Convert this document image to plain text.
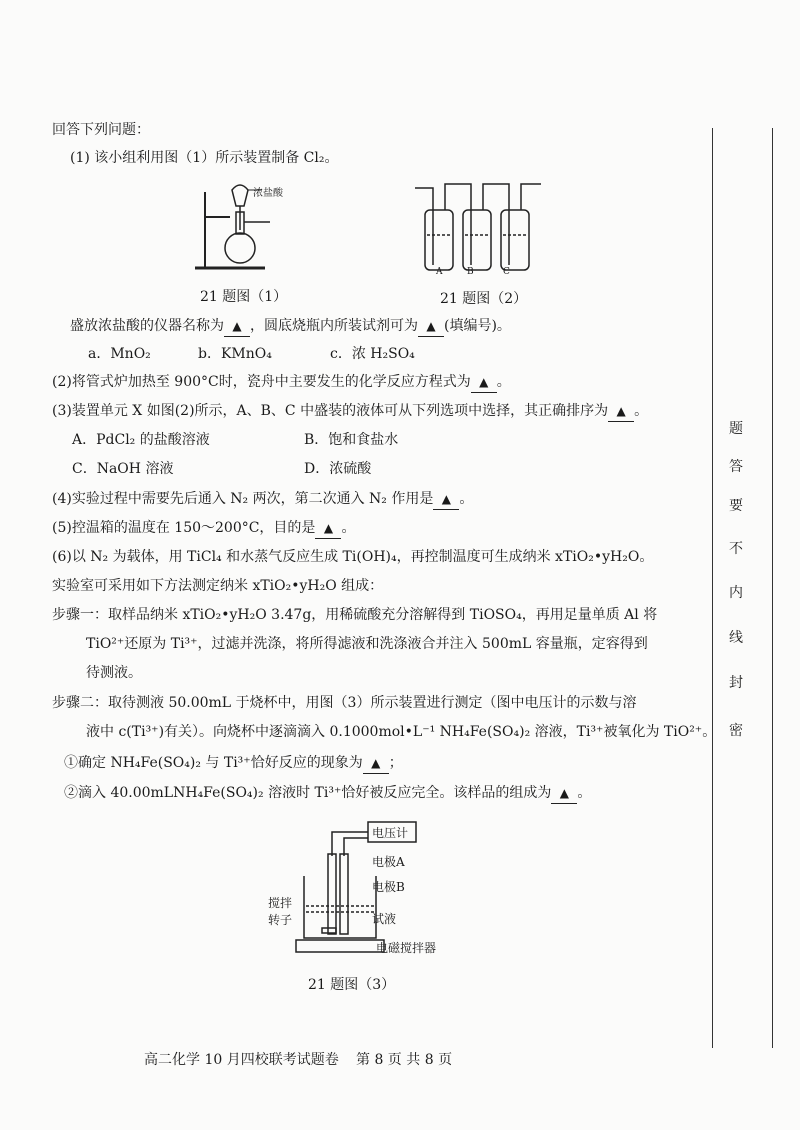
回答下列问题：
(1) 该小组利用图（1）所示装置制备 Cl₂。
浓盐酸
21 题图（1）
A	B	C
21 题图（2）
盛放浓盐酸的仪器名称为 ▲ ，圆底烧瓶内所装试剂可为 ▲ (填编号)。
a．MnO₂	b．KMnO₄	c．浓 H₂SO₄
(2)将管式炉加热至 900°C时，瓷舟中主要发生的化学反应方程式为 ▲ 。
(3)装置单元 X 如图(2)所示，A、B、C 中盛装的液体可从下列选项中选择，其正确排序为 ▲ 。
A．PdCl₂ 的盐酸溶液	B．饱和食盐水
C．NaOH 溶液	D．浓硫酸
(4)实验过程中需要先后通入 N₂ 两次，第二次通入 N₂ 作用是 ▲ 。
(5)控温箱的温度在 150～200°C，目的是 ▲ 。
(6)以 N₂ 为载体，用 TiCl₄ 和水蒸气反应生成 Ti(OH)₄，再控制温度可生成纳米 xTiO₂•yH₂O。
实验室可采用如下方法测定纳米 xTiO₂•yH₂O 组成：
步骤一：取样品纳米 xTiO₂•yH₂O 3.47g，用稀硫酸充分溶解得到 TiOSO₄，再用足量单质 Al 将
TiO²⁺还原为 Ti³⁺，过滤并洗涤，将所得滤液和洗涤液合并注入 500mL 容量瓶，定容得到
待测液。
步骤二：取待测液 50.00mL 于烧杯中，用图（3）所示装置进行测定（图中电压计的示数与溶
液中 c(Ti³⁺)有关）。向烧杯中逐滴滴入 0.1000mol•L⁻¹ NH₄Fe(SO₄)₂ 溶液，Ti³⁺被氧化为 TiO²⁺。
①确定 NH₄Fe(SO₄)₂ 与 Ti³⁺恰好反应的现象为 ▲ ；
②滴入 40.00mLNH₄Fe(SO₄)₂ 溶液时 Ti³⁺恰好被反应完全。该样品的组成为 ▲ 。
电压计
电极A
电极B
搅拌
转子	试液
电磁搅拌器
21 题图（3）
密
封
线
内
不
要
答
题
高二化学 10 月四校联考试题卷 第 8 页 共 8 页
